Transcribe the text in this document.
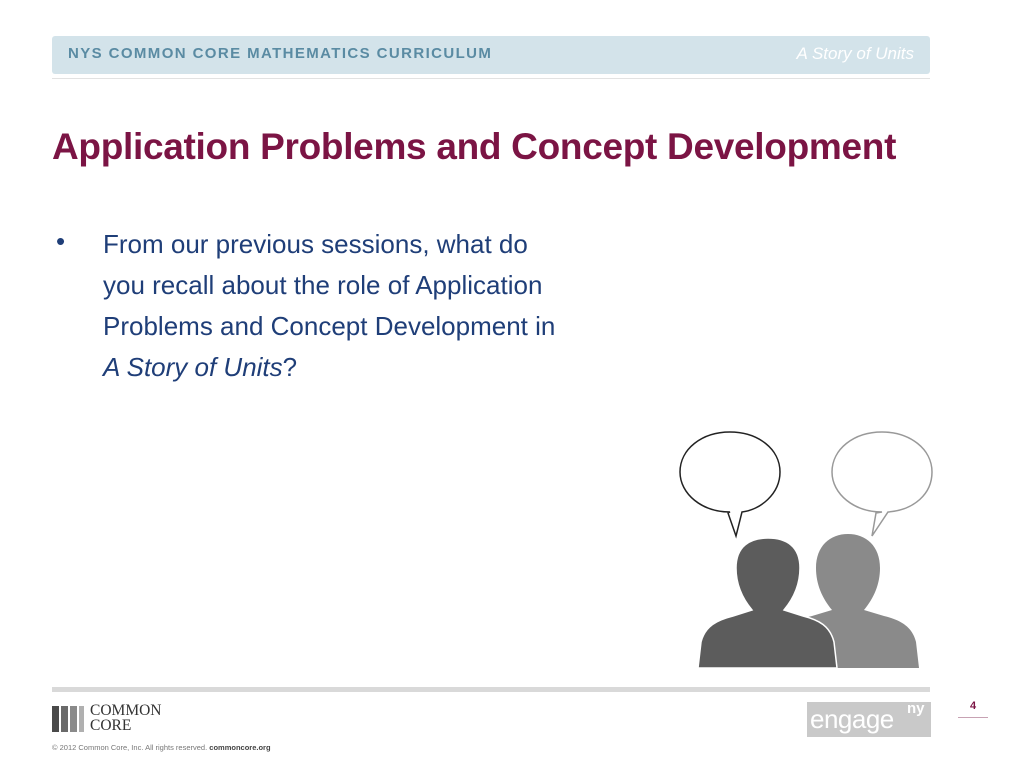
NYS COMMON CORE MATHEMATICS CURRICULUM	A Story of Units
Application Problems and Concept Development
• From our previous sessions, what do
you recall about the role of Application
Problems and Concept Development in
A Story of Units?
COMMON
CORE
© 2012 Common Core, Inc. All rights reserved. commoncore.org
engage ny	4
